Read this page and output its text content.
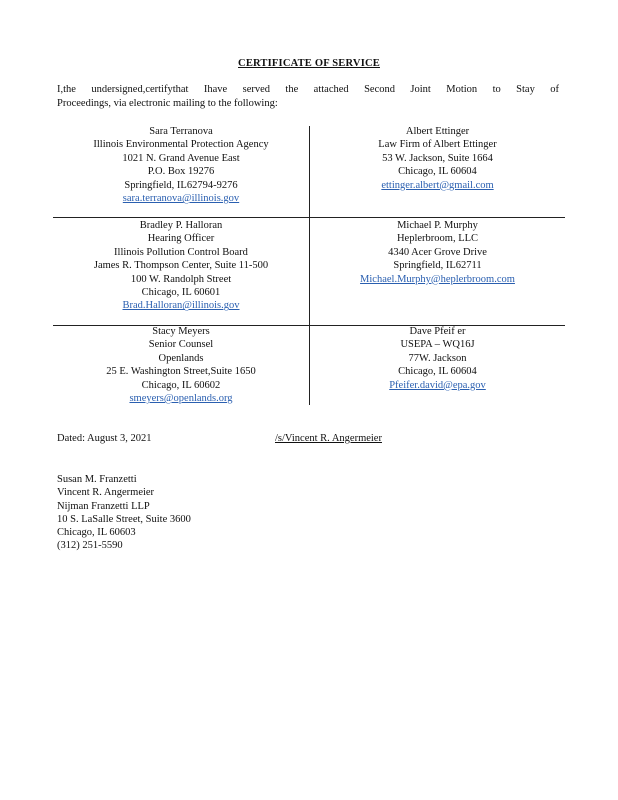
CERTIFICATE OF SERVICE
I,the undersigned,certifythat Ihave served the attached Second Joint Motion to Stay of
Proceedings, via electronic mailing to the following:
Sara Terranova
Illinois Environmental Protection Agency
1021 N. Grand Avenue East
P.O. Box 19276
Springfield, IL62794-9276
sara.terranova@illinois.gov
Albert Ettinger
Law Firm of Albert Ettinger
53 W. Jackson, Suite 1664
Chicago, IL 60604
ettinger.albert@gmail.com
Bradley P. Halloran
Hearing Officer
Illinois Pollution Control Board
James R. Thompson Center, Suite 11-500
100 W. Randolph Street
Chicago, IL 60601
Brad.Halloran@illinois.gov
Michael P. Murphy
Heplerbroom, LLC
4340 Acer Grove Drive
Springfield, IL62711
Michael.Murphy@heplerbroom.com
Stacy Meyers
Senior Counsel
Openlands
25 E. Washington Street,Suite 1650
Chicago, IL 60602
smeyers@openlands.org
Dave Pfeif er
USEPA – WQ16J
77W. Jackson
Chicago, IL 60604
Pfeifer.david@epa.gov
Dated: August 3, 2021	/s/Vincent R. Angermeier
Susan M. Franzetti
Vincent R. Angermeier
Nijman Franzetti LLP
10 S. LaSalle Street, Suite 3600
Chicago, IL 60603
(312) 251-5590
